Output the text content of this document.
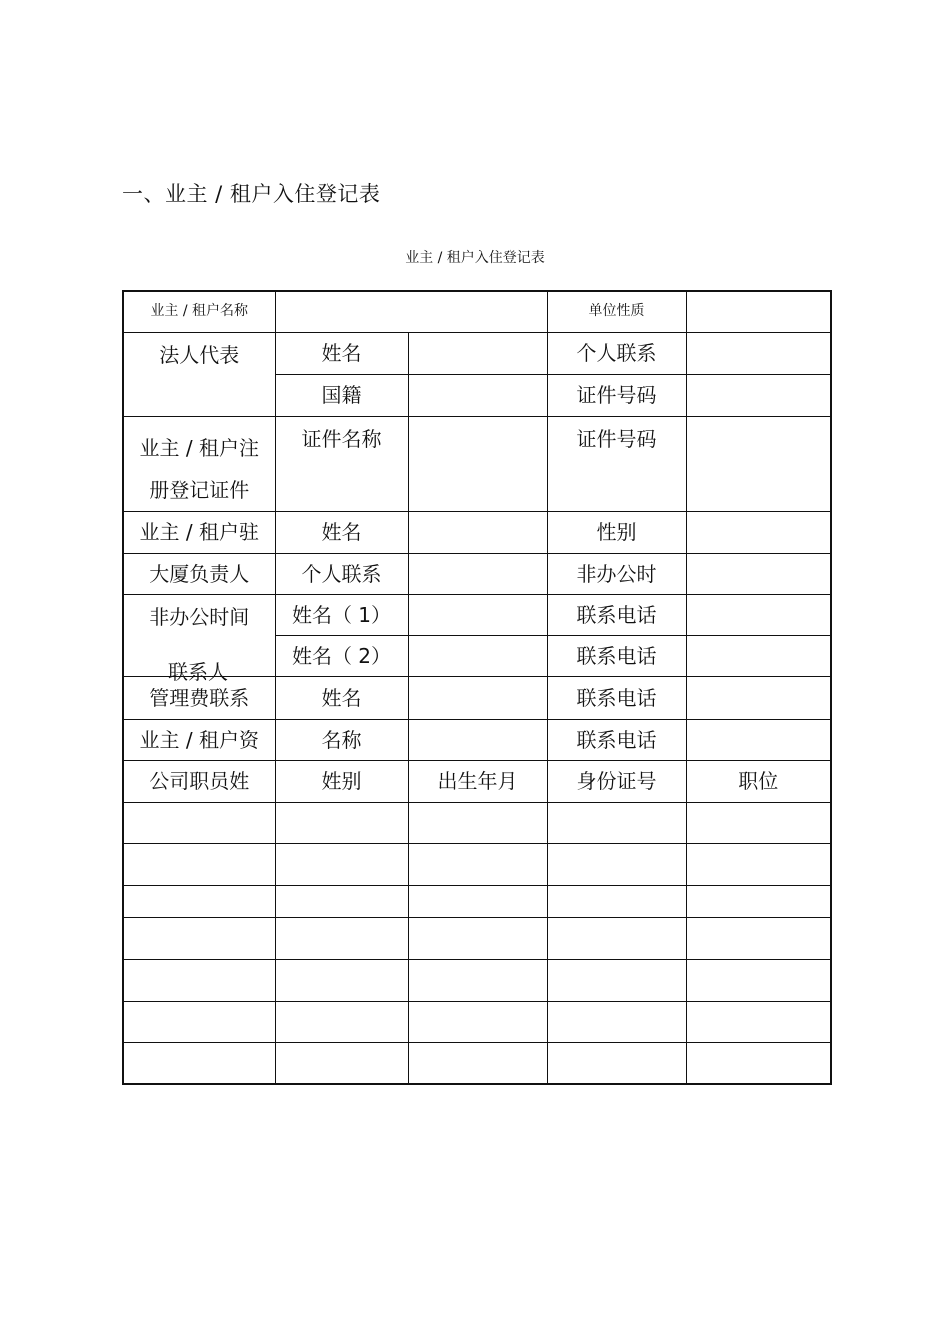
一、业主 / 租户入住登记表
业主 / 租户入住登记表
业主 / 租户名称			单位性质	
法人代表	姓名		个人联系	
	国籍		证件号码	

业主 / 租户注
册登记证件	证件名称		证件号码	
业主 / 租户驻	姓名		性别	
大厦负责人	个人联系		非办公时	
非办公时间	姓名（ 1）		联系电话	
	姓名（ 2）		联系电话	

联系人
管理费联系	姓名		联系电话	
业主 / 租户资	名称		联系电话	
公司职员姓	姓别	出生年月	身份证号	职位
